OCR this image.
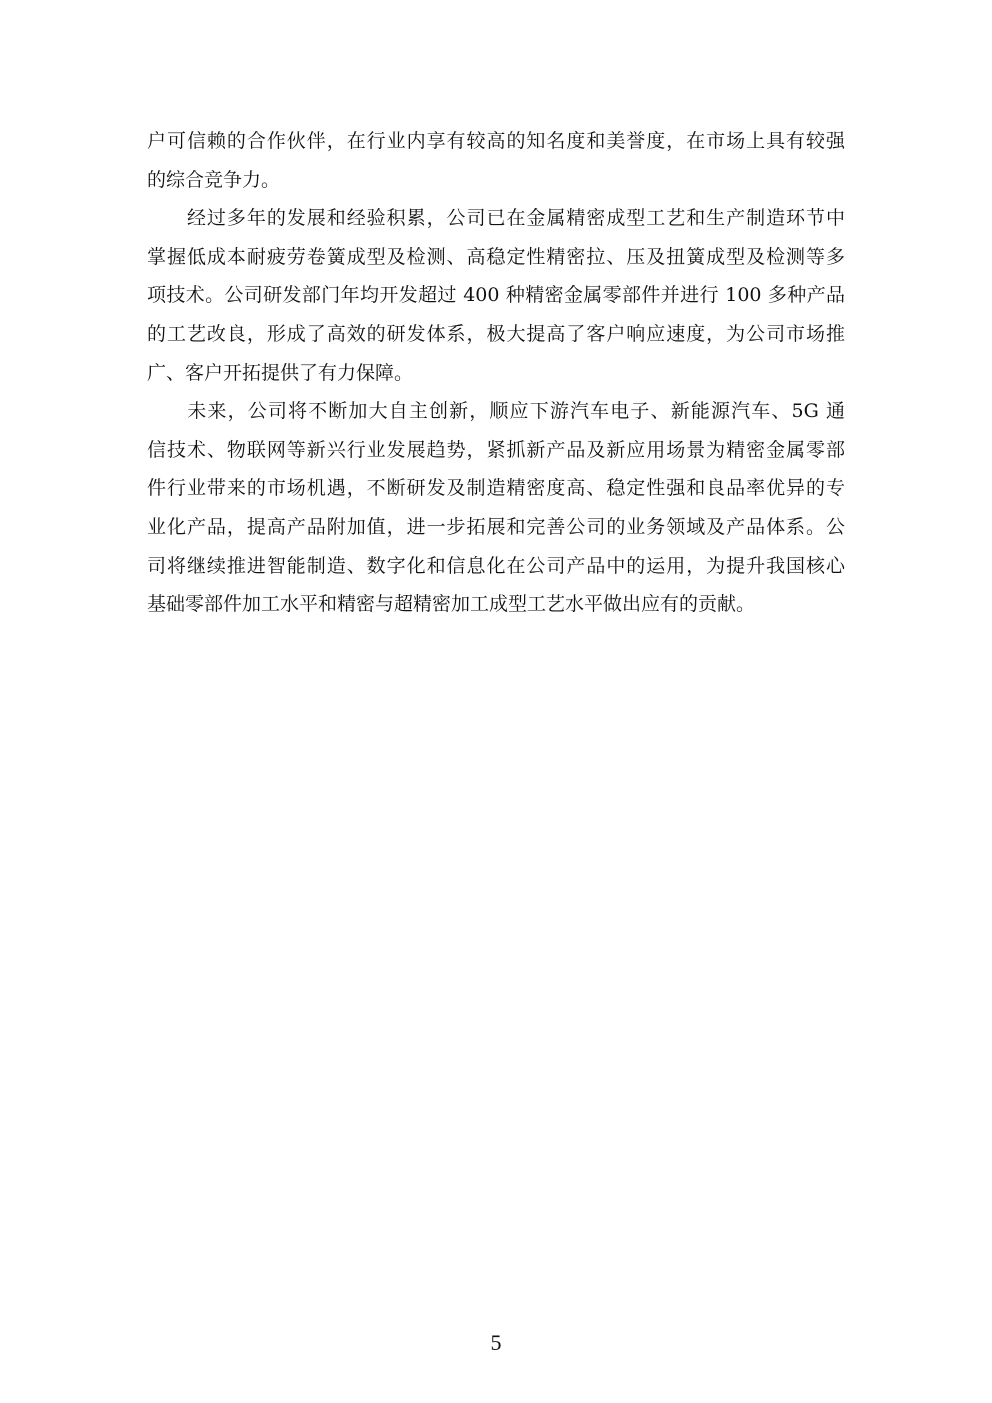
户可信赖的合作伙伴，在行业内享有较高的知名度和美誉度，在市场上具有较强
的综合竞争力。
　　经过多年的发展和经验积累，公司已在金属精密成型工艺和生产制造环节中
掌握低成本耐疲劳卷簧成型及检测、高稳定性精密拉、压及扭簧成型及检测等多
项技术。公司研发部门年均开发超过 400 种精密金属零部件并进行 100 多种产品
的工艺改良，形成了高效的研发体系，极大提高了客户响应速度，为公司市场推
广、客户开拓提供了有力保障。
　　未来，公司将不断加大自主创新，顺应下游汽车电子、新能源汽车、5G 通
信技术、物联网等新兴行业发展趋势，紧抓新产品及新应用场景为精密金属零部
件行业带来的市场机遇，不断研发及制造精密度高、稳定性强和良品率优异的专
业化产品，提高产品附加值，进一步拓展和完善公司的业务领域及产品体系。公
司将继续推进智能制造、数字化和信息化在公司产品中的运用，为提升我国核心
基础零部件加工水平和精密与超精密加工成型工艺水平做出应有的贡献。
5
